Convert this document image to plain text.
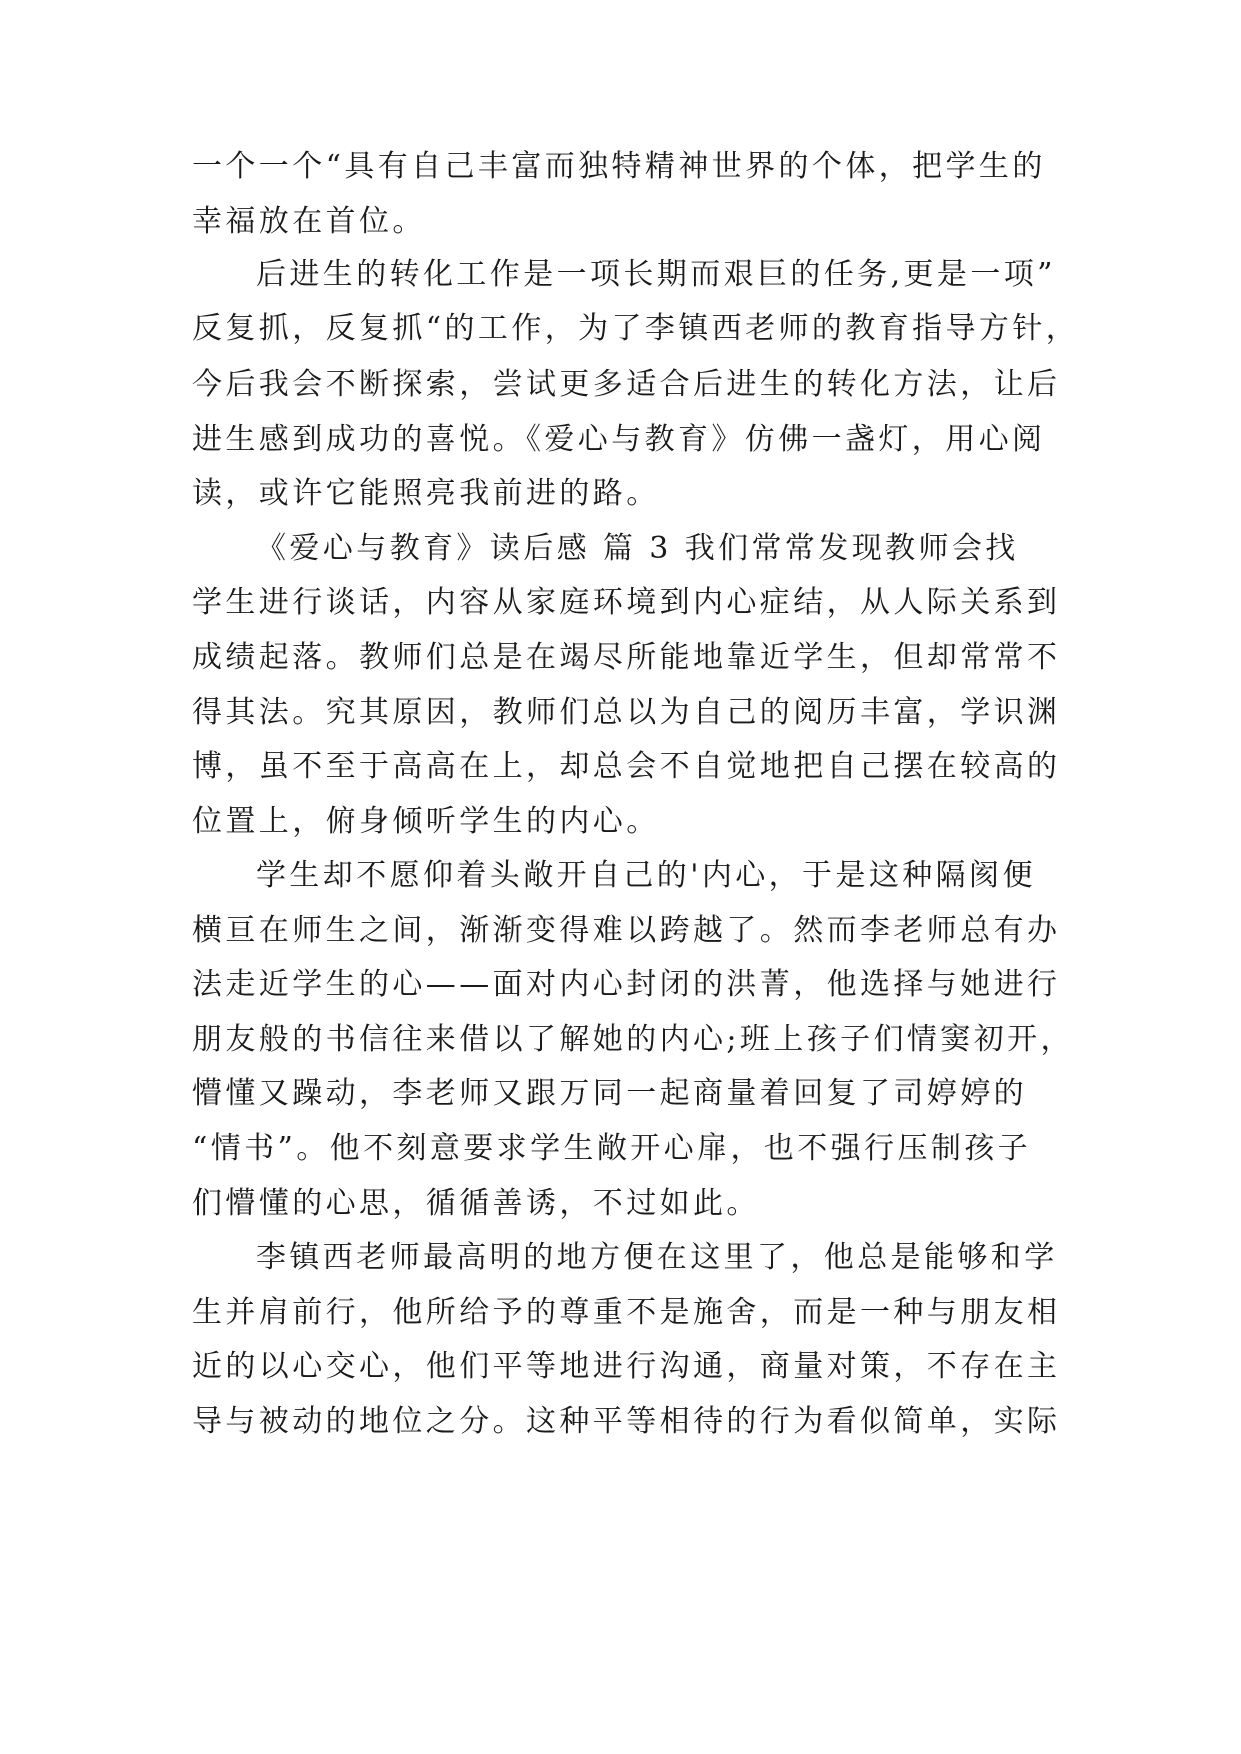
一个一个“具有自己丰富而独特精神世界的个体，把学生的
幸福放在首位。
后进生的转化工作是一项长期而艰巨的任务,更是一项”
反复抓，反复抓“的工作，为了李镇西老师的教育指导方针，
今后我会不断探索，尝试更多适合后进生的转化方法，让后
进生感到成功的喜悦。《爱心与教育》仿佛一盏灯，用心阅
读，或许它能照亮我前进的路。
《爱心与教育》读后感 篇 3 我们常常发现教师会找
学生进行谈话，内容从家庭环境到内心症结，从人际关系到
成绩起落。教师们总是在竭尽所能地靠近学生，但却常常不
得其法。究其原因，教师们总以为自己的阅历丰富，学识渊
博，虽不至于高高在上，却总会不自觉地把自己摆在较高的
位置上，俯身倾听学生的内心。
学生却不愿仰着头敞开自己的'内心，于是这种隔阂便
横亘在师生之间，渐渐变得难以跨越了。然而李老师总有办
法走近学生的心——面对内心封闭的洪菁，他选择与她进行
朋友般的书信往来借以了解她的内心;班上孩子们情窦初开，
懵懂又躁动，李老师又跟万同一起商量着回复了司婷婷的
“情书”。他不刻意要求学生敞开心扉，也不强行压制孩子
们懵懂的心思，循循善诱，不过如此。
李镇西老师最高明的地方便在这里了，他总是能够和学
生并肩前行，他所给予的尊重不是施舍，而是一种与朋友相
近的以心交心，他们平等地进行沟通，商量对策，不存在主
导与被动的地位之分。这种平等相待的行为看似简单，实际
